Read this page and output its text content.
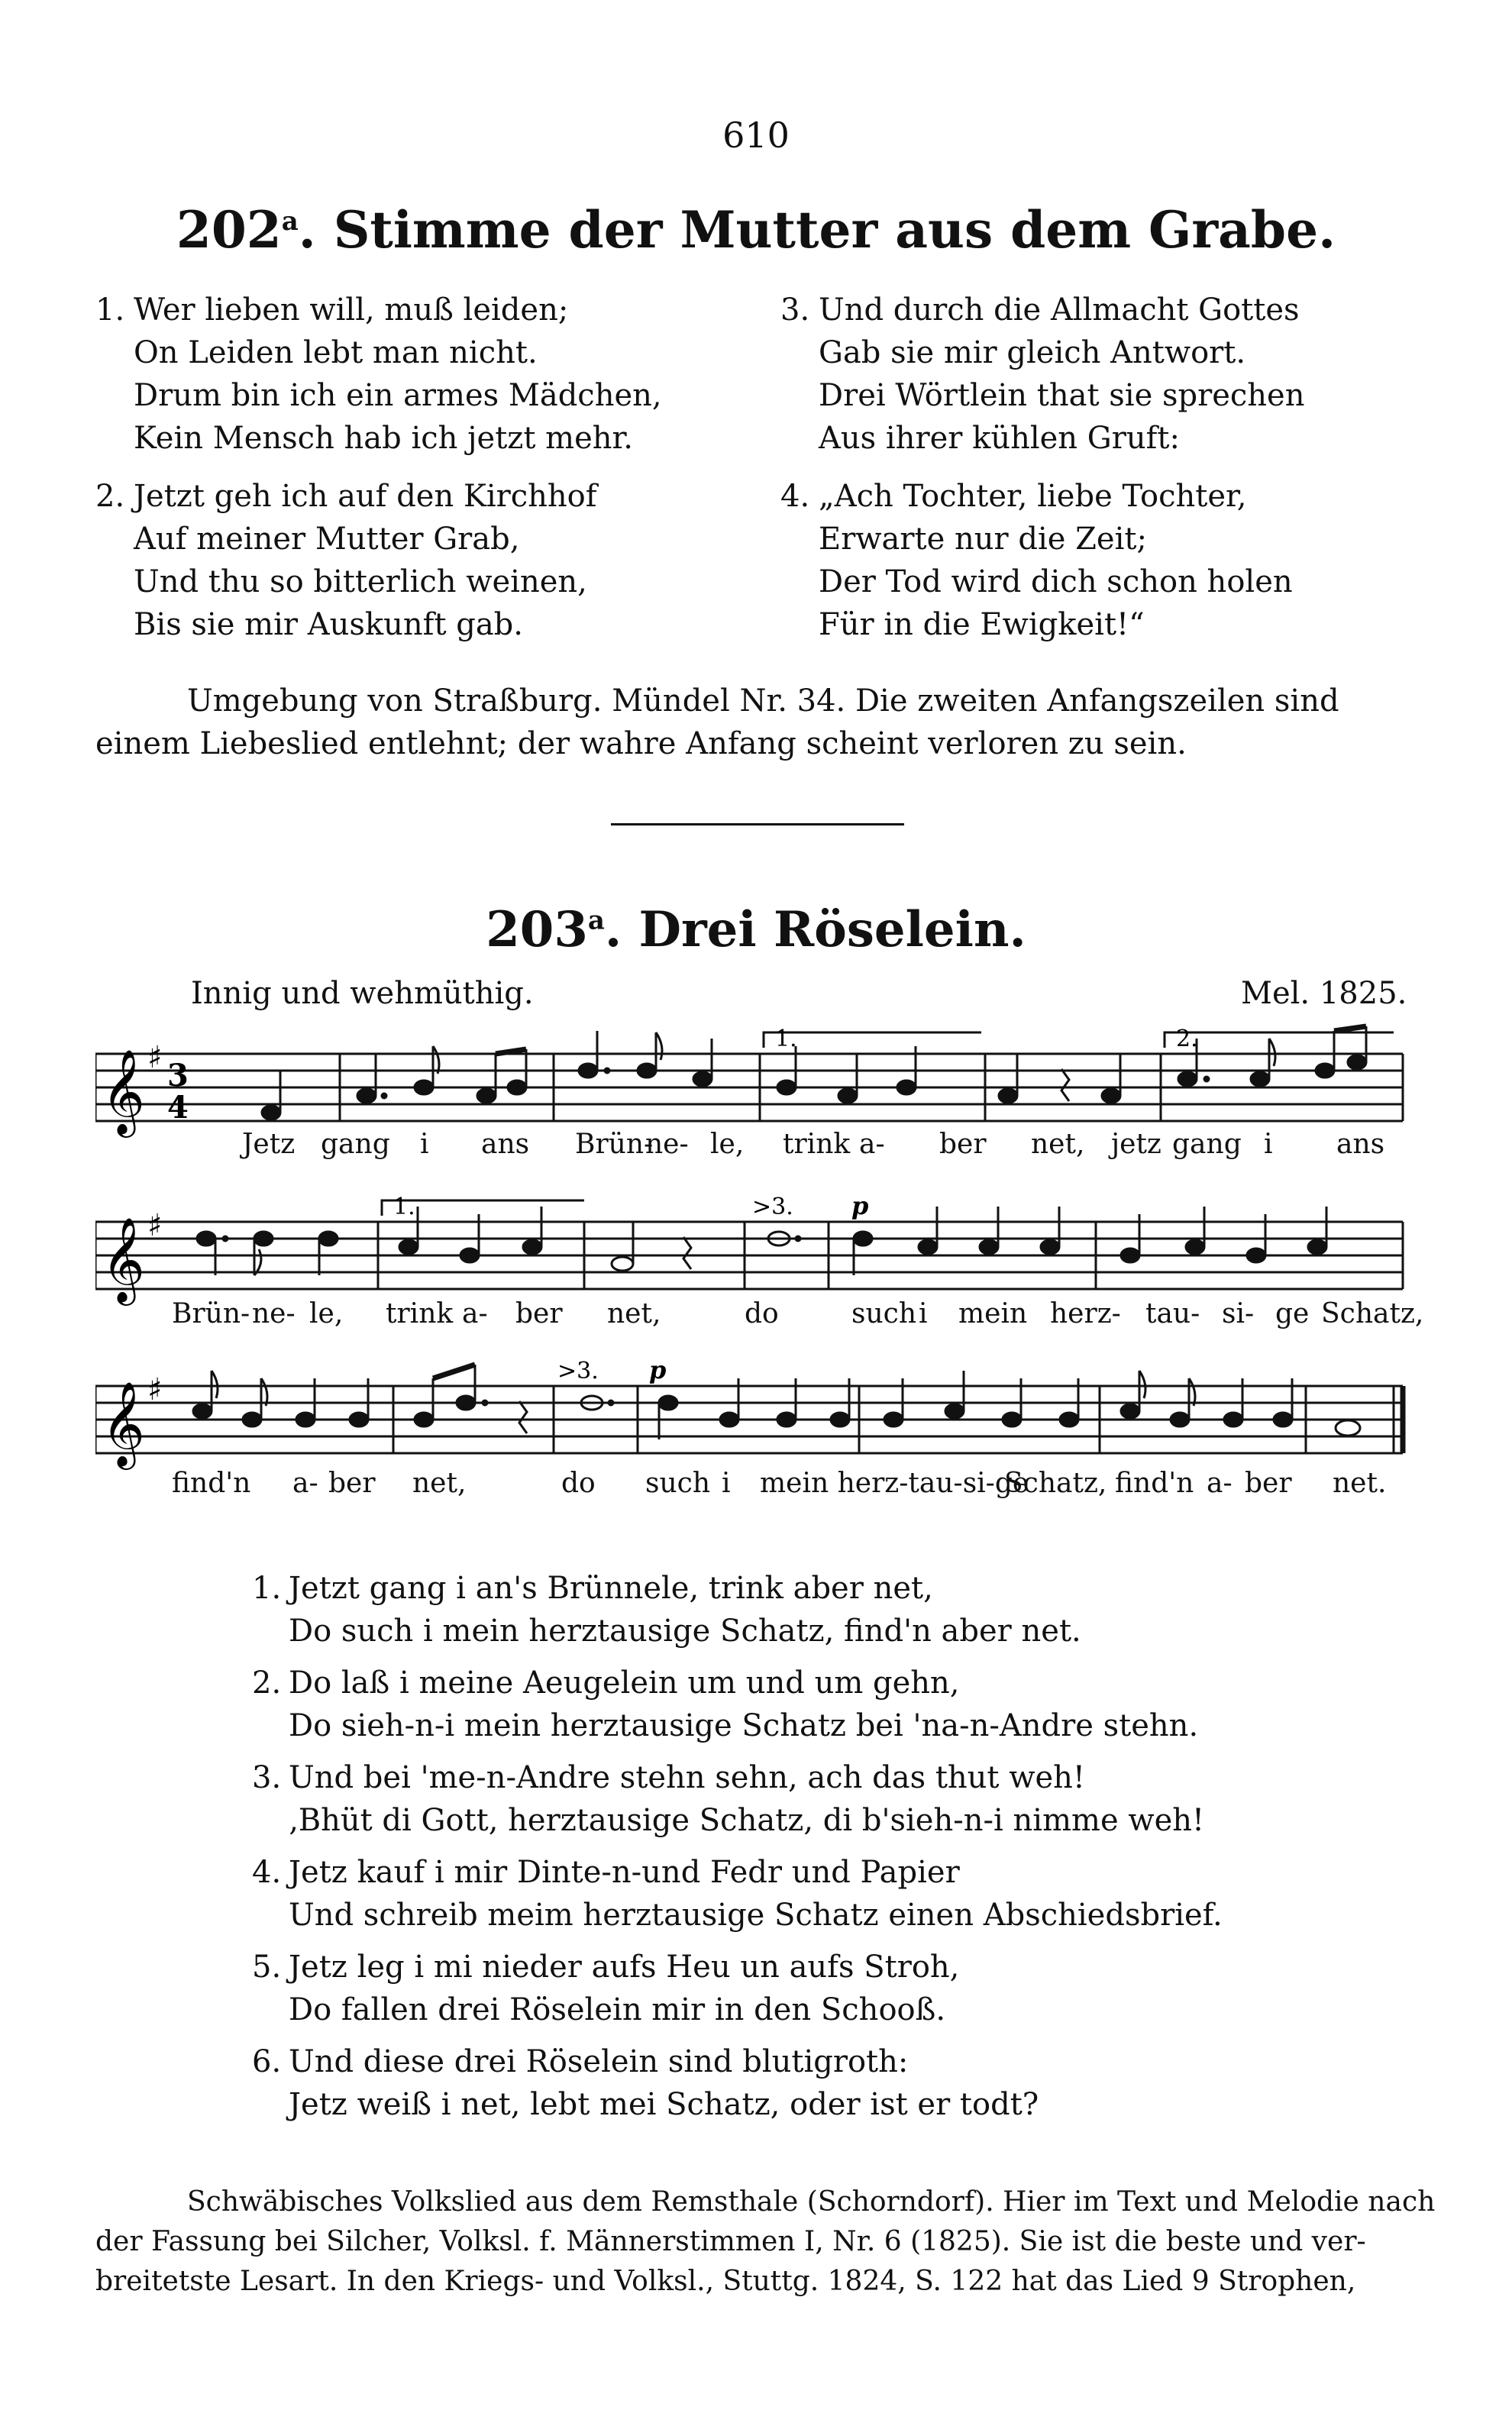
610
202$^a$. Stimme der Mutter aus dem Grabe.
1. Wer lieben will, muß leiden;
On Leiden lebt man nicht.
Drum bin ich ein armes Mädchen,
Kein Mensch hab ich jetzt mehr.
2. Jetzt geh ich auf den Kirchhof
Auf meiner Mutter Grab,
Und thu so bitterlich weinen,
Bis sie mir Auskunft gab.
3. Und durch die Allmacht Gottes
Gab sie mir gleich Antwort.
Drei Wörtlein that sie sprechen
Aus ihrer kühlen Gruft:
4. „Ach Tochter, liebe Tochter,
Erwarte nur die Zeit;
Der Tod wird dich schon holen
Für in die Ewigkeit!“
Umgebung von Straßburg. Mündel Nr. 34. Die zweiten Anfangszeilen sind
einem Liebeslied entlehnt; der wahre Anfang scheint verloren zu sein.
203$^a$. Drei Röselein.
Innig und wehmüthig.	Mel. 1825.
𝄞 ♯ 3
4
1.	2.
Jetz gang i ans Brün-
ne- le, trink a- ber net, jetz gang i ans
𝄞 ♯
1.	>3. p
Brün- ne- le, trink a- ber net,	do	such i mein herz- tau- si- ge Schatz,
𝄞 ♯
>3. p
find'n a- ber net,	do such i mein herz-tau-si-ge
Schatz, find'n a- ber net.
1. Jetzt gang i an's Brünnele, trink aber net,
Do such i mein herztausige Schatz, find'n aber net.
2. Do laß i meine Aeugelein um und um gehn,
Do sieh-n-i mein herztausige Schatz bei 'na-n-Andre stehn.
3. Und bei 'me-n-Andre stehn sehn, ach das thut weh!
‚Bhüt di Gott, herztausige Schatz, di b'sieh-n-i nimme weh!
4. Jetz kauf i mir Dinte-n-und Fedr und Papier
Und schreib meim herztausige Schatz einen Abschiedsbrief.
5. Jetz leg i mi nieder aufs Heu un aufs Stroh,
Do fallen drei Röselein mir in den Schooß.
6. Und diese drei Röselein sind blutigroth:
Jetz weiß i net, lebt mei Schatz, oder ist er todt?
Schwäbisches Volkslied aus dem Remsthale (Schorndorf). Hier im Text und Melodie nach
der Fassung bei Silcher, Volksl. f. Männerstimmen I, Nr. 6 (1825). Sie ist die beste und ver-
breitetste Lesart. In den Kriegs- und Volksl., Stuttg. 1824, S. 122 hat das Lied 9 Strophen,
